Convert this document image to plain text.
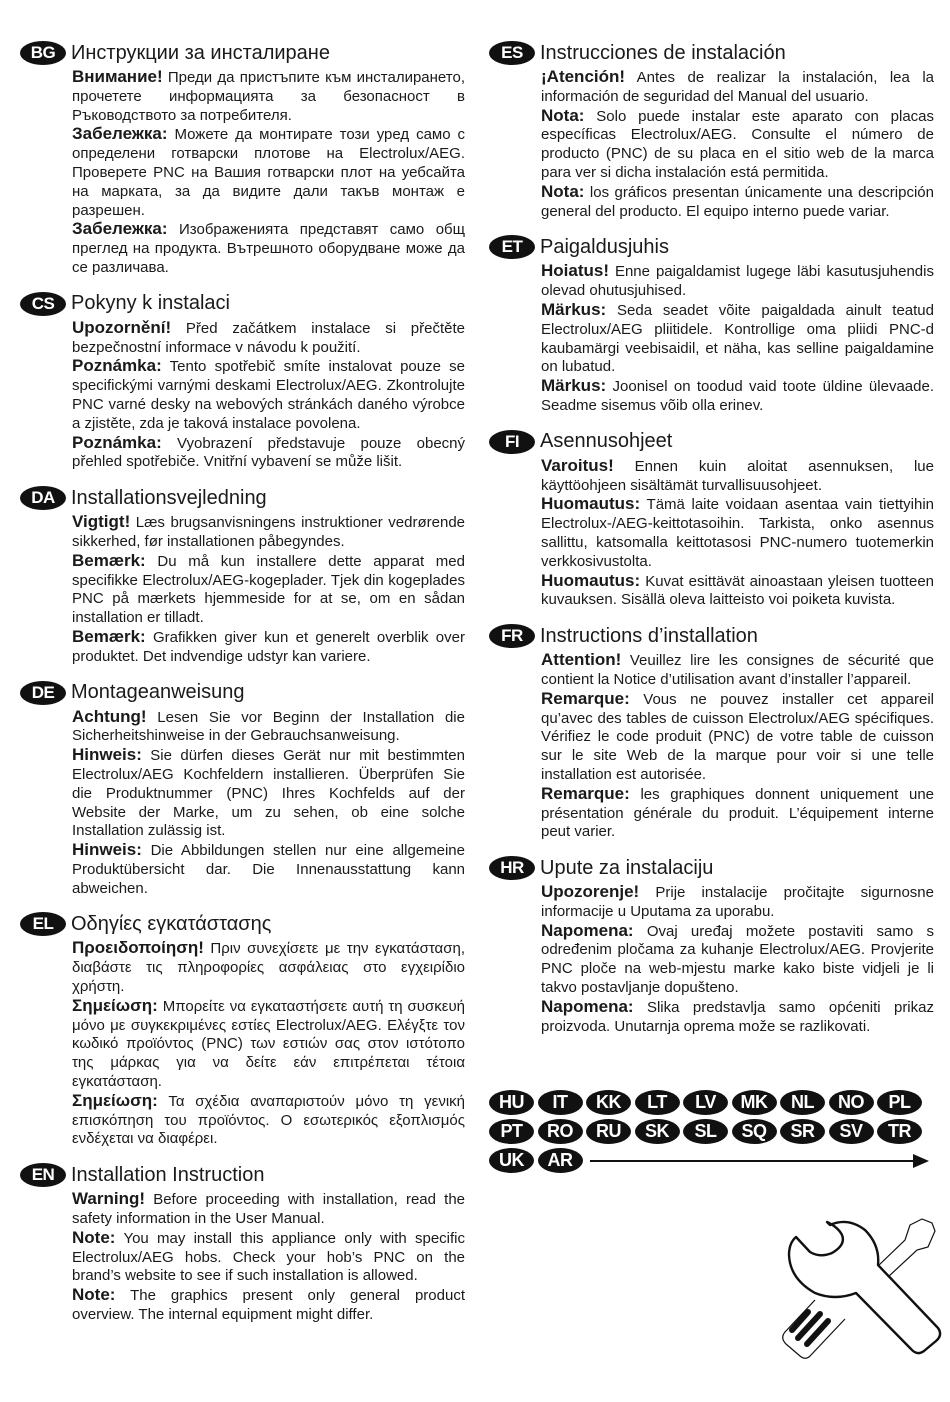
BG Инструкции за инсталиране

Внимание! Преди да пристъпите към инсталирането, прочетете информацията за безопасност в Ръководството за потребителя.

Забележка: Можете да монтирате този уред само с определени готварски плотове на Electrolux/AEG. Проверете PNC на Вашия готварски плот на уебсайта на марката, за да видите дали такъв монтаж е разрешен.

Забележка: Изображенията представят само общ преглед на продукта. Вътрешното оборудване може да се различава.

CS Pokyny k instalaci

Upozornění! Před začátkem instalace si přečtěte bezpečnostní informace v návodu k použití.

Poznámka: Tento spotřebič smíte instalovat pouze se specifickými varnými deskami Electrolux/AEG. Zkontrolujte PNC varné desky na webových stránkách daného výrobce a zjistěte, zda je taková instalace povolena.

Poznámka: Vyobrazení představuje pouze obecný přehled spotřebiče. Vnitřní vybavení se může lišit.

DA Installationsvejledning

Vigtigt! Læs brugsanvisningens instruktioner vedrørende sikkerhed, før installationen påbegyndes.

Bemærk: Du må kun installere dette apparat med specifikke Electrolux/AEG-kogeplader. Tjek din kogeplades PNC på mærkets hjemmeside for at se, om en sådan installation er tilladt.

Bemærk: Grafikken giver kun et generelt overblik over produktet. Det indvendige udstyr kan variere.

DE Montageanweisung

Achtung! Lesen Sie vor Beginn der Installation die Sicherheitshinweise in der Gebrauchsanweisung.

Hinweis: Sie dürfen dieses Gerät nur mit bestimmten Electrolux/AEG Kochfeldern installieren. Überprüfen Sie die Produktnummer (PNC) Ihres Kochfelds auf der Website der Marke, um zu sehen, ob eine solche Installation zulässig ist.

Hinweis: Die Abbildungen stellen nur eine allgemeine Produktübersicht dar. Die Innenausstattung kann abweichen.

EL Οδηγίες εγκατάστασης

Προειδοποίηση! Πριν συνεχίσετε με την εγκατάσταση, διαβάστε τις πληροφορίες ασφάλειας στο εγχειρίδιο χρήστη.

Σημείωση: Μπορείτε να εγκαταστήσετε αυτή τη συσκευή μόνο με συγκεκριμένες εστίες Electrolux/AEG. Ελέγξτε τον κωδικό προϊόντος (PNC) των εστιών σας στον ιστότοπο της μάρκας για να δείτε εάν επιτρέπεται τέτοια εγκατάσταση.

Σημείωση: Τα σχέδια αναπαριστούν μόνο τη γενική επισκόπηση του προϊόντος. Ο εσωτερικός εξοπλισμός ενδέχεται να διαφέρει.

EN Installation Instruction

Warning! Before proceeding with installation, read the safety information in the User Manual.

Note: You may install this appliance only with specific Electrolux/AEG hobs. Check your hob’s PNC on the brand’s website to see if such installation is allowed.

Note: The graphics present only general product overview. The internal equipment might differ.

ES Instrucciones de instalación

¡Atención! Antes de realizar la instalación, lea la información de seguridad del Manual del usuario.

Nota: Solo puede instalar este aparato con placas específicas Electrolux/AEG. Consulte el número de producto (PNC) de su placa en el sitio web de la marca para ver si dicha instalación está permitida.

Nota: los gráficos presentan únicamente una descripción general del producto. El equipo interno puede variar.

ET Paigaldusjuhis

Hoiatus! Enne paigaldamist lugege läbi kasutusjuhendis olevad ohutusjuhised.

Märkus: Seda seadet võite paigaldada ainult teatud Electrolux/AEG pliitidele. Kontrollige oma pliidi PNC-d kaubamärgi veebisaidil, et näha, kas selline paigaldamine on lubatud.

Märkus: Joonisel on toodud vaid toote üldine ülevaade. Seadme sisemus võib olla erinev.

FI	Asennusohjeet

Varoitus! Ennen kuin aloitat asennuksen, lue käyttöohjeen sisältämät turvallisuusohjeet.

Huomautus: Tämä laite voidaan asentaa vain tiettyihin Electrolux-/AEG-keittotasoihin. Tarkista, onko asennus sallittu, katsomalla keittotasosi PNC-numero tuotemerkin verkkosivustolta.

Huomautus: Kuvat esittävät ainoastaan yleisen tuotteen kuvauksen. Sisällä oleva laitteisto voi poiketa kuvista.

FR Instructions d’installation

Attention! Veuillez lire les consignes de sécurité que contient la Notice d’utilisation avant d’installer l’appareil.

Remarque: Vous ne pouvez installer cet appareil qu’avec des tables de cuisson Electrolux/AEG spécifiques. Vérifiez le code produit (PNC) de votre table de cuisson sur le site Web de la marque pour voir si une telle installation est autorisée.

Remarque: les graphiques donnent uniquement une présentation générale du produit. L’équipement interne peut varier.

HR Upute za instalaciju

Upozorenje! Prije instalacije pročitajte sigurnosne informacije u Uputama za uporabu.

Napomena: Ovaj uređaj možete postaviti samo s određenim pločama za kuhanje Electrolux/AEG. Provjerite PNC ploče na web-mjestu marke kako biste vidjeli je li takvo postavljanje dopušteno.

Napomena: Slika predstavlja samo općeniti prikaz proizvoda. Unutarnja oprema može se razlikovati.

HU	IT	KK	LT	LV	MK	NL	NO	PL
PT	RO	RU	SK	SL	SQ	SR	SV	TR
UK	AR
